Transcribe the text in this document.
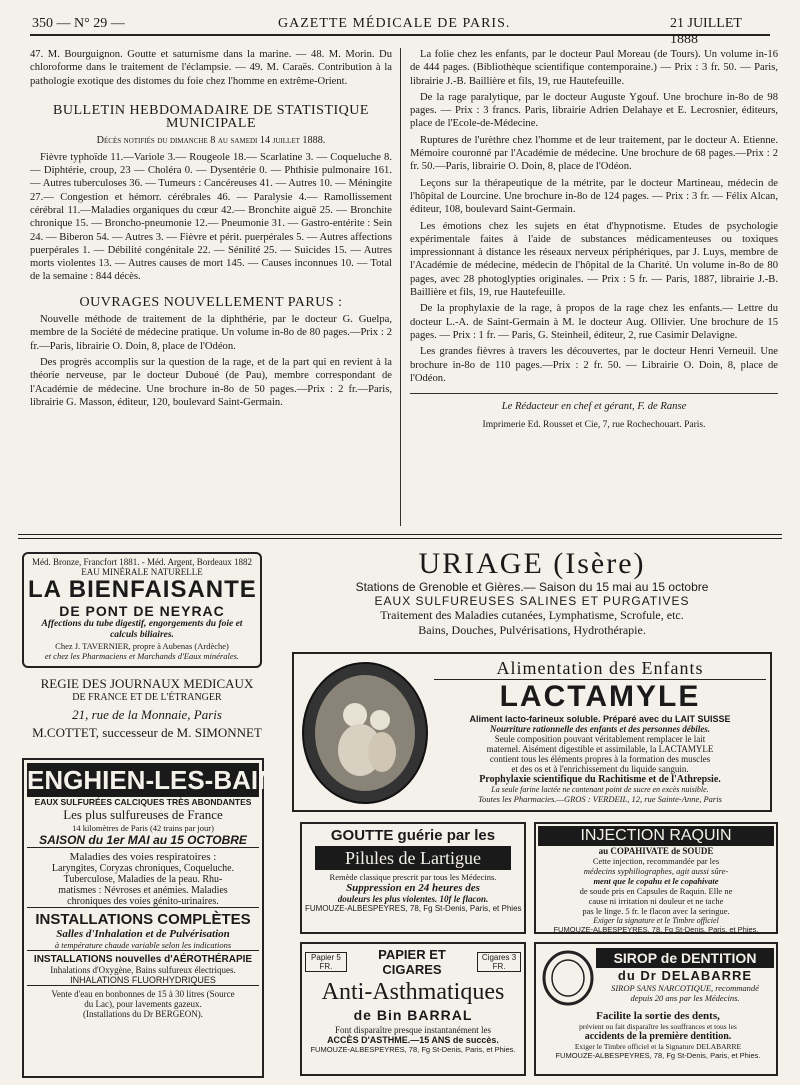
350 — N° 29 —	GAZETTE MÉDICALE DE PARIS.	21 JUILLET 1888

47. M. Bourguignon. Goutte et saturnisme dans la marine. — 48. M. Morin. Du chloroforme dans le traitement de l'éclampsie. — 49. M. Caraës. Contribution à la pathologie exotique des distomes du foie chez l'homme en extrême-Orient.

BULLETIN HEBDOMADAIRE DE STATISTIQUE MUNICIPALE

Décès notifiés du dimanche 8 au samedi 14 juillet 1888.

Fièvre typhoïde 11.—Variole 3.— Rougeole 18.— Scarlatine 3. — Coqueluche 8. — Diphtérie, croup, 23 — Choléra 0. — Dysentérie 0. — Phthisie pulmonaire 161.— Autres tuberculoses 36. — Tumeurs : Cancéreuses 41. — Autres 10. — Méningite 27.— Congestion et hémorr. cérébrales 46. — Paralysie 4.— Ramollissement cérébral 11.—Maladies organiques du cœur 42.— Bronchite aiguë 25. — Bronchite chronique 15. — Broncho-pneumonie 12.— Pneumonie 31. — Gastro-entérite : Sein 24. — Biberon 54. — Autres 3. — Fièvre et périt. puerpérales 5. — Autres affections puerpérales 1. — Débilité congénitale 22. — Sénilité 25. — Suicides 15. — Autres morts violentes 13. — Autres causes de mort 145. — Causes inconnues 10. — Total de la semaine : 844 décès.

OUVRAGES NOUVELLEMENT PARUS :

Nouvelle méthode de traitement de la diphthérie, par le docteur G. Guelpa, membre de la Société de médecine pratique. Un volume in-8o de 80 pages.—Prix : 2 fr.—Paris, librairie O. Doin, 8, place de l'Odéon.

Des progrès accomplis sur la question de la rage, et de la part qui en revient à la théorie nerveuse, par le docteur Duboué (de Pau), membre correspondant de l'Académie de médecine. Une brochure in-8o de 50 pages.—Prix : 2 fr.—Paris, librairie G. Masson, éditeur, 120, boulevard Saint-Germain.

La folie chez les enfants, par le docteur Paul Moreau (de Tours). Un volume in-16 de 444 pages. (Bibliothèque scientifique contemporaine.) — Prix : 3 fr. 50. — Paris, librairie J.-B. Baillière et fils, 19, rue Hautefeuille.

De la rage paralytique, par le docteur Auguste Ygouf. Une brochure in-8o de 98 pages. — Prix : 3 francs. Paris, librairie Adrien Delahaye et E. Lecrosnier, éditeurs, place de l'Ecole-de-Médecine.

Ruptures de l'urèthre chez l'homme et de leur traitement, par le docteur A. Etienne. Mémoire couronné par l'Académie de médecine. Une brochure de 68 pages.—Prix : 2 fr. 50.—Paris, librairie O. Doin, 8, place de l'Odéon.

Leçons sur la thérapeutique de la métrite, par le docteur Martineau, médecin de l'hôpital de Lourcine. Une brochure in-8o de 124 pages. — Prix : 3 fr. — Félix Alcan, éditeur, 108, boulevard Saint-Germain.

Les émotions chez les sujets en état d'hypnotisme. Etudes de psychologie expérimentale faites à l'aide de substances médicamenteuses ou toxiques impressionnant à distance les réseaux nerveux périphériques, par J. Luys, membre de l'Académie de médecine, médecin de l'hôpital de la Charité. Un volume in-8o de 80 pages, avec 28 photoglypties originales. — Prix : 5 fr. — Paris, 1887, librairie J.-B. Baillière et fils, 19, rue Hautefeuille.

De la prophylaxie de la rage, à propos de la rage chez les enfants.— Lettre du docteur L.-A. de Saint-Germain à M. le docteur Aug. Ollivier. Une brochure de 15 pages. — Prix : 1 fr. — Paris, G. Steinheil, éditeur, 2, rue Casimir Delavigne.

Les grandes fièvres à travers les découvertes, par le docteur Henri Verneuil. Une brochure in-8o de 110 pages.—Prix : 2 fr. 50. — Librairie O. Doin, 8, place de l'Odéon.

Le Rédacteur en chef et gérant, F. de Ranse

Imprimerie Ed. Rousset et Cie, 7, rue Rochechouart. Paris.

Méd. Bronze, Francfort 1881. - Méd. Argent, Bordeaux 1882
EAU MINÉRALE NATURELLE
LA BIENFAISANTE
DE PONT DE NEYRAC
Affections du tube digestif, engorgements du foie et calculs biliaires.
Chez J. TAVERNIER, propre à Aubenas (Ardèche)
et chez les Pharmaciens et Marchands d'Eaux minérales.
REGIE DES JOURNAUX MEDICAUX
DE FRANCE ET DE L'ÉTRANGER
21, rue de la Monnaie, Paris
M.COTTET, successeur de M. SIMONNET
ENGHIEN-LES-BAINS
EAUX SULFURÉES CALCIQUES TRÈS ABONDANTES
Les plus sulfureuses de France
14 kilomètres de Paris (42 trains par jour)
SAISON du 1er MAI au 15 OCTOBRE
Maladies des voies respiratoires :
Laryngites, Coryzas chroniques, Coqueluche.
Tuberculose, Maladies de la peau. Rhu-
matismes : Névroses et anémies. Maladies
chroniques des voies génito-urinaires.
INSTALLATIONS COMPLÈTES
Salles d'Inhalation et de Pulvérisation
à température chaude variable selon les indications
INSTALLATIONS nouvelles d'AÉROTHÉRAPIE
Inhalations d'Oxygène, Bains sulfureux électriques.
INHALATIONS FLUORHYDRIQUES
Vente d'eau en bonbonnes de 15 à 30 litres (Source
du Lac), pour lavements gazeux.
(Installations du Dr BERGEON).
URIAGE (Isère)
Stations de Grenoble et Gières.— Saison du 15 mai au 15 octobre
EAUX SULFUREUSES SALINES ET PURGATIVES
Traitement des Maladies cutanées, Lymphatisme, Scrofule, etc.
Bains, Douches, Pulvérisations, Hydrothérapie.
Alimentation des Enfants
LACTAMYLE
Aliment lacto-farineux soluble. Préparé avec du LAIT SUISSE
Nourriture rationnelle des enfants et des personnes débiles.
Seule composition pouvant véritablement remplacer le lait
maternel. Aisément digestible et assimilable, la LACTAMYLE
contient tous les éléments propres à la formation des muscles
et des os et à l'enrichissement du liquide sanguin.
Prophylaxie scientifique du Rachitisme et de l'Athrepsie.
La seule farine lactée ne contenant point de sucre en excès nuisible.
Toutes les Pharmacies.—GROS : VERDEIL, 12, rue Sainte-Anne, Paris
GOUTTE guérie par les
Pilules de Lartigue
Remède classique prescrit par tous les Médecins.
Suppression en 24 heures des
douleurs les plus violentes. 10f le flacon.
FUMOUZE-ALBESPEYRES, 78, Fg St-Denis, Paris, et Phies
INJECTION RAQUIN
au COPAHIVATE de SOUDE
Cette injection, recommandée par les
médecins syphiliographes, agit aussi sûre-
ment que le copahu et le copahivate
de soude pris en Capsules de Raquin. Elle ne
cause ni irritation ni douleur et ne tache
pas le linge. 5 fr. le flacon avec la seringue.
Exiger la signature et le Timbre officiel
FUMOUZE-ALBESPEYRES, 78, Fg St-Denis, Paris, et Phies.
Papier 5 FR.
PAPIER ET CIGARES
Cigares 3 FR.
Anti-Asthmatiques
de Bin BARRAL
Font disparaître presque instantanément les
ACCÈS D'ASTHME.—15 ANS de succès.
FUMOUZE-ALBESPEYRES, 78, Fg St-Denis, Paris, et Phies.
SIROP de DENTITION
du Dr DELABARRE
SIROP SANS NARCOTIQUE, recommandé
depuis 20 ans par les Médecins.
Facilite la sortie des dents,
prévient ou fait disparaître les souffrances et tous les
accidents de la première dentition.
Exiger le Timbre officiel et la Signature DELABARRE
FUMOUZE-ALBESPEYRES, 78, Fg St-Denis, Paris, et Phies.
